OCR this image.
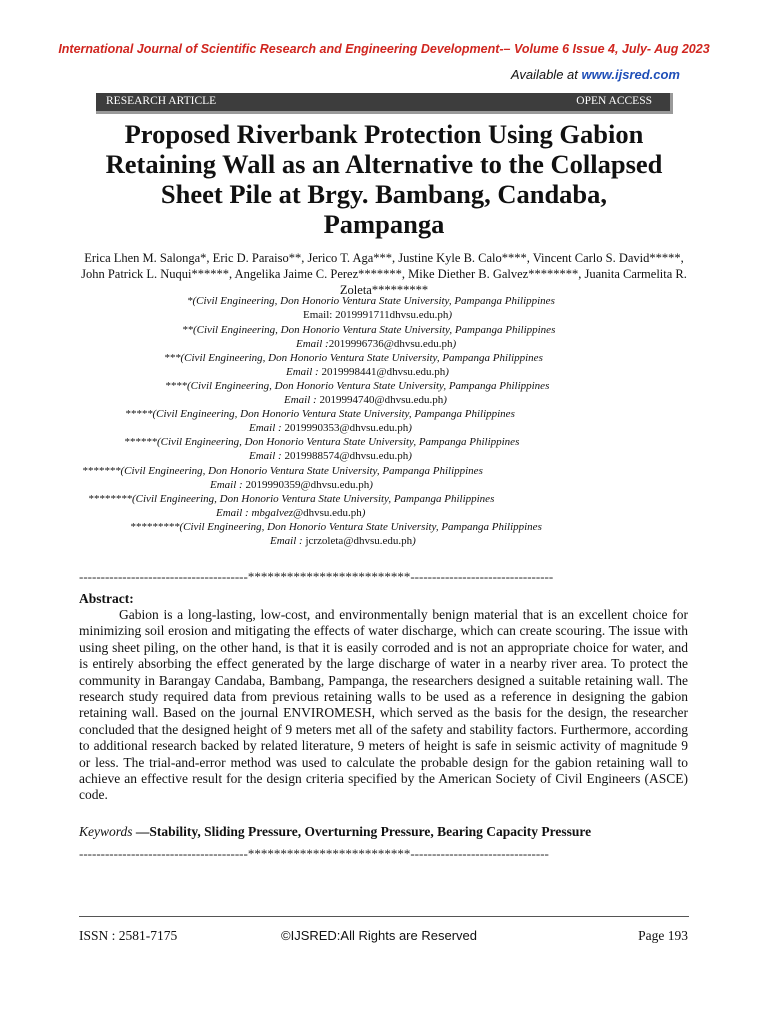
International Journal of Scientific Research and Engineering Development-– Volume 6 Issue 4, July- Aug 2023
Available at www.ijsred.com
RESEARCH ARTICLE	OPEN ACCESS
Proposed Riverbank Protection Using Gabion
Retaining Wall as an Alternative to the Collapsed
Sheet Pile at Brgy. Bambang, Candaba,
Pampanga
Erica Lhen M. Salonga*, Eric D. Paraiso**, Jerico T. Aga***, Justine Kyle B. Calo****, Vincent Carlo S. David*****, John Patrick L. Nuqui******, Angelika Jaime C. Perez*******, Mike Diether B. Galvez********, Juanita Carmelita R. Zoleta*********
*(Civil Engineering, Don Honorio Ventura State University, Pampanga Philippines
Email: 2019991711dhvsu.edu.ph)
**(Civil Engineering, Don Honorio Ventura State University, Pampanga Philippines
Email :2019996736@dhvsu.edu.ph)
***(Civil Engineering, Don Honorio Ventura State University, Pampanga Philippines
Email : 2019998441@dhvsu.edu.ph)
****(Civil Engineering, Don Honorio Ventura State University, Pampanga Philippines
Email : 2019994740@dhvsu.edu.ph)
*****(Civil Engineering, Don Honorio Ventura State University, Pampanga Philippines
Email : 2019990353@dhvsu.edu.ph)
******(Civil Engineering, Don Honorio Ventura State University, Pampanga Philippines
Email : 2019988574@dhvsu.edu.ph)
*******(Civil Engineering, Don Honorio Ventura State University, Pampanga Philippines
Email : 2019990359@dhvsu.edu.ph)
********(Civil Engineering, Don Honorio Ventura State University, Pampanga Philippines
Email : mbgalvez@dhvsu.edu.ph)
*********(Civil Engineering, Don Honorio Ventura State University, Pampanga Philippines
Email : jcrzoleta@dhvsu.edu.ph)
---------------------------------------*************************---------------------------------
Abstract:

Gabion is a long-lasting, low-cost, and environmentally benign material that is an excellent choice for minimizing soil erosion and mitigating the effects of water discharge, which can create scouring. The issue with using sheet piling, on the other hand, is that it is easily corroded and is not an appropriate choice for water, and is entirely absorbing the effect generated by the large discharge of water in a nearby river area. To protect the community in Barangay Candaba, Bambang, Pampanga, the researchers designed a suitable retaining wall. The research study required data from previous retaining walls to be used as a reference in designing the gabion retaining wall. Based on the journal ENVIROMESH, which served as the basis for the design, the researcher concluded that the designed height of 9 meters met all of the safety and stability factors. Furthermore, according to additional research backed by related literature, 9 meters of height is safe in seismic activity of magnitude 9 or less. The trial-and-error method was used to calculate the probable design for the gabion retaining wall to achieve an effective result for the design criteria specified by the American Society of Civil Engineers (ASCE) code.

Keywords —Stability, Sliding Pressure, Overturning Pressure, Bearing Capacity Pressure
---------------------------------------*************************--------------------------------
ISSN : 2581-7175	©IJSRED:All Rights are Reserved	Page 193
